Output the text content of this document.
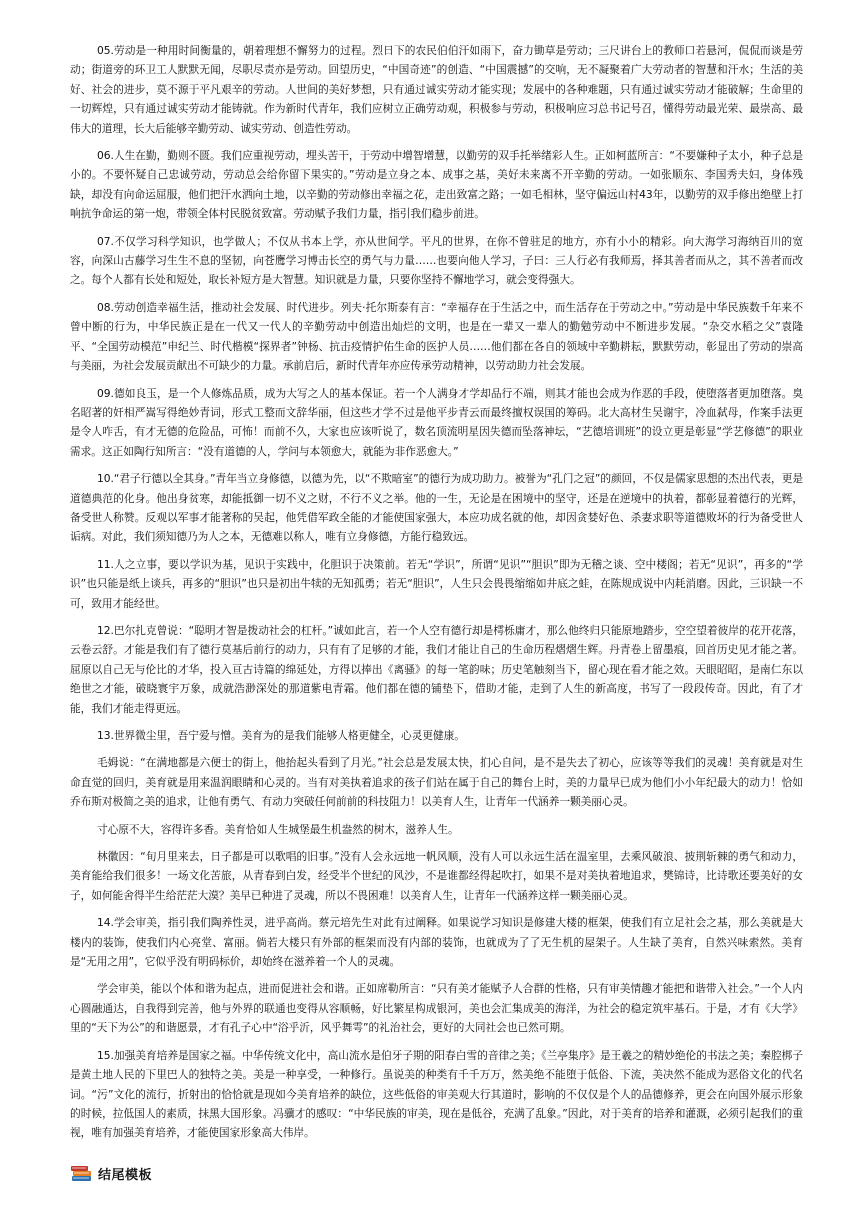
05.劳动是一种用时间衡量的，朝着理想不懈努力的过程。烈日下的农民伯伯汗如雨下，奋力锄草是劳动；三尺讲台上的教师口若悬河，侃侃而谈是劳动；街道旁的环卫工人默默无闻，尽职尽责亦是劳动。回望历史，“中国奇迹”的创造、“中国震撼”的交响，无不凝聚着广大劳动者的智慧和汗水；生活的美好、社会的进步，莫不源于平凡艰辛的劳动。人世间的美好梦想，只有通过诚实劳动才能实现；发展中的各种难题，只有通过诚实劳动才能破解；生命里的一切辉煌，只有通过诚实劳动才能铸就。作为新时代青年，我们应树立正确劳动观，积极参与劳动，积极响应习总书记号召，懂得劳动最光荣、最崇高、最伟大的道理，长大后能够辛勤劳动、诚实劳动、创造性劳动。

06.人生在勤，勤则不匮。我们应重视劳动，埋头苦干，于劳动中增智增慧，以勤劳的双手托举绪彩人生。正如柯蓝所言：“不要嫌种子太小，种子总是小的。不要怀疑自己忠诚劳动，劳动总会给你留下果实的。”劳动是立身之本、成事之基，美好未来离不开辛勤的劳动。一如张顺东、李国秀夫妇，身体残缺，却没有向命运屈服，他们把汗水洒向土地，以辛勤的劳动修出幸福之花，走出致富之路；一如毛相林，坚守偏远山村43年，以勤劳的双手修出绝壁上打响抗争命运的第一炮，带领全体村民脱贫致富。劳动赋予我们力量，指引我们稳步前进。

07.不仅学习科学知识，也学做人；不仅从书本上学，亦从世间学。平凡的世界，在你不曾驻足的地方，亦有小小的精彩。向大海学习海纳百川的宽容，向深山古藤学习生生不息的坚韧，向苍鹰学习博击长空的勇气与力量……也要向他人学习，子曰：三人行必有我师焉，择其善者而从之，其不善者而改之。每个人都有长处和短处，取长补短方是大智慧。知识就是力量，只要你坚持不懈地学习，就会变得强大。

08.劳动创造幸福生活，推动社会发展、时代进步。列夫·托尔斯泰有言：“幸福存在于生活之中，而生活存在于劳动之中。”劳动是中华民族数千年来不曾中断的行为，中华民族正是在一代又一代人的辛勤劳动中创造出灿烂的文明，也是在一辈又一辈人的勤勉劳动中不断进步发展。“杂交水稻之父”袁隆平、“全国劳动模范”申纪兰、时代楷模“探界者”钟杨、抗击疫情护佑生命的医护人员……他们都在各自的领域中辛勤耕耘，默默劳动，彰显出了劳动的崇高与美丽，为社会发展贡献出不可缺少的力量。承前启后，新时代青年亦应传承劳动精神，以劳动助力社会发展。

09.德如良玉，是一个人修炼品质，成为大写之人的基本保证。若一个人满身才学却品行不端，则其才能也会成为作恶的手段，使堕落者更加堕落。臭名昭著的奸相严嵩写得绝妙青词，形式工整而文辞华丽，但这些才学不过是他平步青云而最终擅权误国的筹码。北大高材生吴谢宇，冷血弑母，作案手法更是令人咋舌，有才无德的危险品，可怖！而前不久，大家也应该听说了，数名顶流明星因失德而坠落神坛，“艺德培训班”的设立更是彰显“学艺修德”的职业需求。这正如陶行知所言：“没有道德的人，学问与本领愈大，就能为非作恶愈大。”

10.“君子行德以全其身。”青年当立身修德，以德为先，以“不欺暗室”的德行为成功助力。被誉为“孔门之冠”的颜回，不仅是儒家思想的杰出代表，更是道德典范的化身。他出身贫寒，却能抵御一切不义之财，不行不义之举。他的一生，无论是在困境中的坚守，还是在逆境中的执着，都彰显着德行的光辉，备受世人称赞。反观以军事才能著称的吴起，他凭借军政全能的才能使国家强大，本应功成名就的他，却因贪婪好色、杀妻求职等道德败坏的行为备受世人诟病。对此，我们须知德乃为人之本，无德难以称人，唯有立身修德，方能行稳致远。

11.人之立事，要以学识为基，见识于实践中，化胆识于决策前。若无“学识”，所谓“见识”“胆识”即为无稽之谈、空中楼阁；若无“见识”，再多的“学识”也只能是纸上谈兵，再多的“胆识”也只是初出牛犊的无知孤勇；若无“胆识”，人生只会畏畏缩缩如井底之蛙，在陈规成说中内耗消磨。因此，三识缺一不可，致用才能经世。

12.巴尔扎克曾说：“聪明才智是拨动社会的杠杆。”诚如此言，若一个人空有德行却是樗栎庸才，那么他终归只能原地踏步，空空望着彼岸的花开花落，云卷云舒。才能是我们有了德行莫基后前行的动力，只有有了足够的才能，我们才能让自己的生命历程熠熠生辉。丹青卷上留墨痕，回首历史见才能之著。屈原以自己无与伦比的才华，投入亘古诗篇的绵延处，方得以捧出《离骚》的每一笔韵味；历史笔触刻当下，留心现在看才能之效。天眼昭昭，是南仁东以绝世之才能，破晓寰宇万象，成就浩渺深处的那道紫电青霜。他们都在德的铺垫下，借助才能，走到了人生的新高度，书写了一段段传奇。因此，有了才能，我们才能走得更远。

13.世界微尘里，吾宁爱与憎。美育为的是我们能够人格更健全，心灵更健康。

毛姆说：“在满地都是六便士的街上，他抬起头看到了月光。”社会总是发展太快，扪心自问，是不是失去了初心，应该等等我们的灵魂！美育就是对生命直觉的回归，美育就是用来温润眼睛和心灵的。当有对美执着追求的孩子们站在属于自己的舞台上时，美的力量早已成为他们小小年纪最大的动力！恰如乔布斯对极简之美的追求，让他有勇气、有动力突破任何前前的科技阻力！以美育人生，让青年一代涵养一颗美丽心灵。

寸心原不大，容得许多香。美育恰如人生城堡最生机盎然的树木，滋养人生。

林徽因：“旬月里来去，日子都是可以歌唱的旧事。”没有人会永远地一帆风顺，没有人可以永远生活在温室里，去乘风破浪、披荆斩棘的勇气和动力，美育能给我们很多！一场文化苦旅，从青春到白发，经受半个世纪的风沙，不是谁都经得起吹打，如果不是对美执着地追求，樊锦诗，比诗歌还要美好的女子，如何能舍得半生给茫茫大漠？美早已种进了灵魂，所以不畏困难！以美育人生，让青年一代涵养这样一颗美丽心灵。

14.学会审美，指引我们陶养性灵，进乎高尚。蔡元培先生对此有过阐释。如果说学习知识是修建大楼的框架，使我们有立足社会之基，那么美就是大楼内的装饰，使我们内心亮堂、富丽。倘若大楼只有外部的框架而没有内部的装饰，也就成为了了无生机的屋架子。人生缺了美育，自然兴味索然。美育是“无用之用”，它似乎没有明码标价，却始终在滋养着一个人的灵魂。

学会审美，能以个体和谐为起点，进而促进社会和谐。正如席勒所言：“只有美才能赋予人合群的性格，只有审美情趣才能把和谐带入社会。”一个人内心圆融通达，自我得到完善，他与外界的联通也变得从容顺畅，好比繁星构成银河，美也会汇集成美的海洋，为社会的稳定筑牢基石。于是，才有《大学》里的“天下为公”的和谐愿景，才有孔子心中“浴乎沂，风乎舞雩”的礼治社会，更好的大同社会也已然可期。

15.加强美育培养是国家之福。中华传统文化中，高山流水是伯牙子期的阳春白雪的音律之美；《兰亭集序》是王羲之的精妙绝伦的书法之美；秦腔梆子是黄土地人民的下里巴人的独特之美。美是一种享受，一种修行。虽说美的种类有千千万万，然美绝不能堕于低俗、下流，美决然不能成为恶俗文化的代名词。“污”文化的流行，折射出的恰恰就是现如今美育培养的缺位，这些低俗的审美观大行其道时，影响的不仅仅是个人的品德修养，更会在向国外展示形象的时候，拉低国人的素质，抹黑大国形象。冯骥才的感叹：“中华民族的审美，现在是低谷，充满了乱象。”因此，对于美育的培养和灌溉，必须引起我们的重视，唯有加强美育培养，才能使国家形象高大伟岸。

结尾模板
